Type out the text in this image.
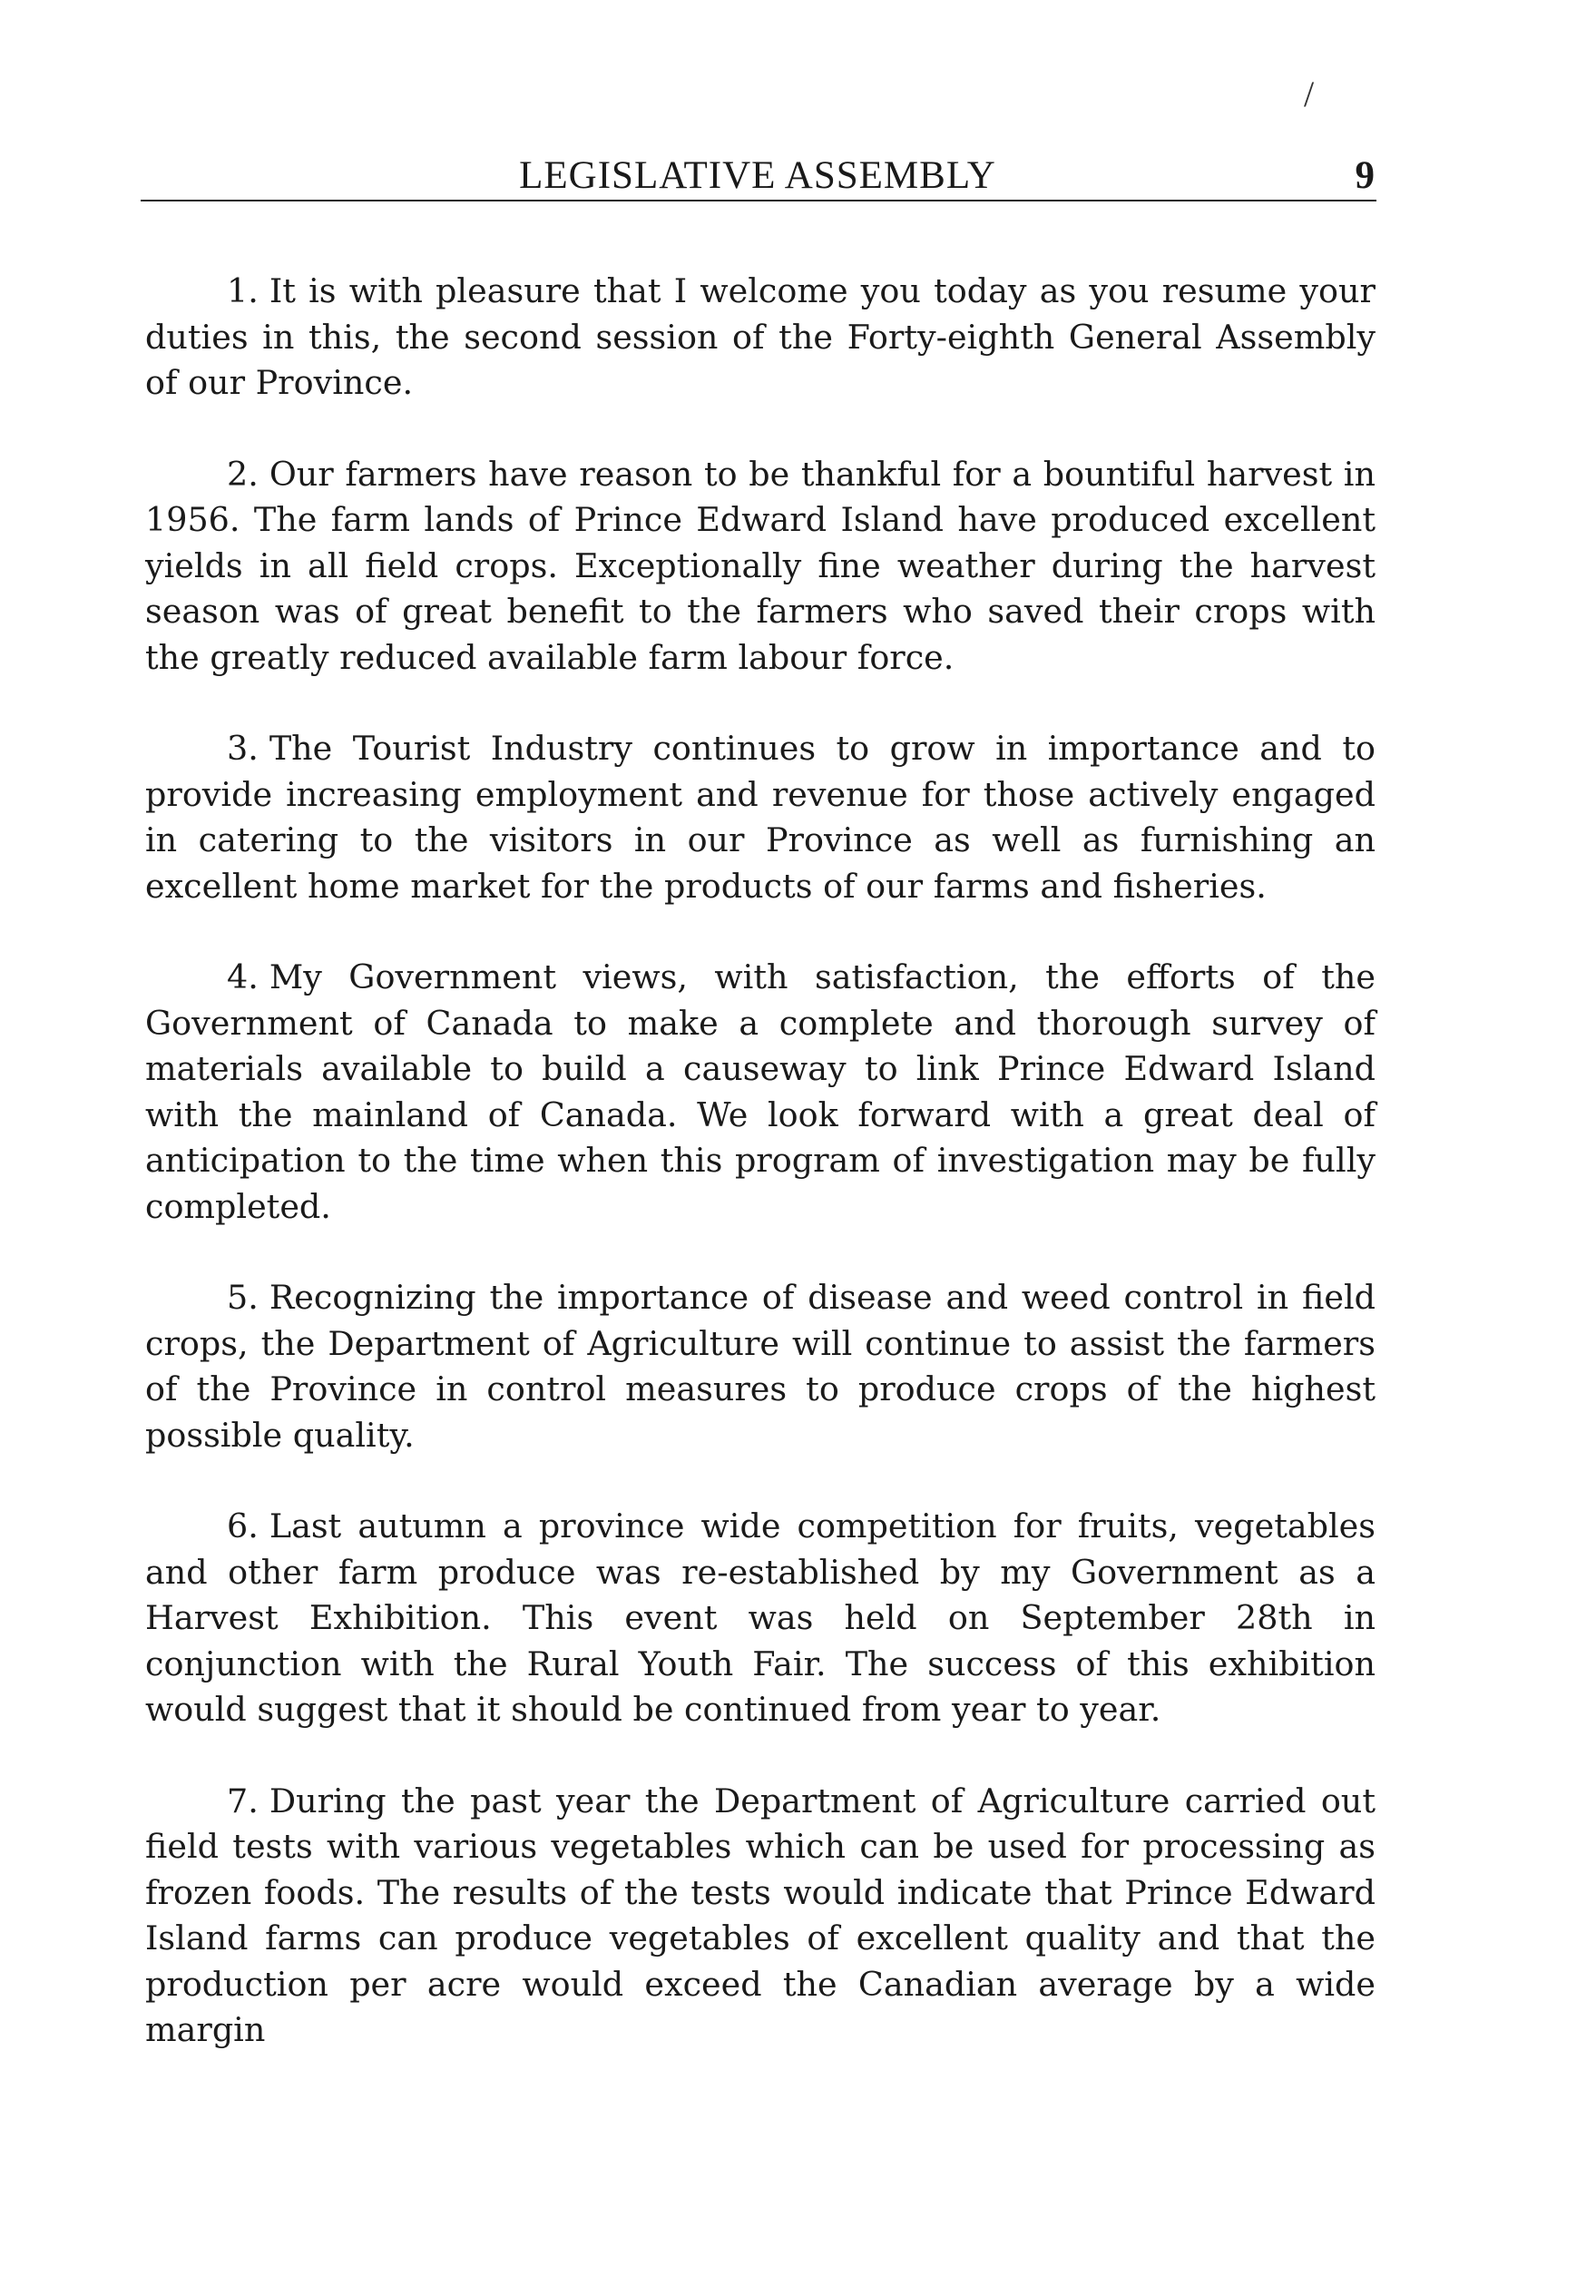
/
LEGISLATIVE ASSEMBLY	9

1. It is with pleasure that I welcome you today as you resume your duties in this, the second session of the Forty-eighth General Assembly of our Province.

2. Our farmers have reason to be thankful for a bountiful harvest in 1956. The farm lands of Prince Edward Island have produced excellent yields in all field crops. Exceptionally fine weather during the harvest season was of great benefit to the farmers who saved their crops with the greatly reduced available farm labour force.

3. The Tourist Industry continues to grow in importance and to provide increasing employment and revenue for those actively engaged in catering to the visitors in our Province as well as furnishing an excellent home market for the products of our farms and fisheries.

4. My Government views, with satisfaction, the efforts of the Government of Canada to make a complete and thorough survey of materials available to build a causeway to link Prince Edward Island with the mainland of Canada. We look forward with a great deal of anticipation to the time when this program of investigation may be fully completed.

5. Recognizing the importance of disease and weed control in field crops, the Department of Agriculture will continue to assist the farmers of the Province in control measures to produce crops of the highest possible quality.

6. Last autumn a province wide competition for fruits, vegetables and other farm produce was re-established by my Government as a Harvest Exhibition. This event was held on September 28th in conjunction with the Rural Youth Fair. The success of this exhibition would suggest that it should be continued from year to year.

7. During the past year the Department of Agriculture carried out field tests with various vegetables which can be used for processing as frozen foods. The results of the tests would indicate that Prince Edward Island farms can produce vegetables of excellent quality and that the production per acre would exceed the Canadian average by a wide margin
